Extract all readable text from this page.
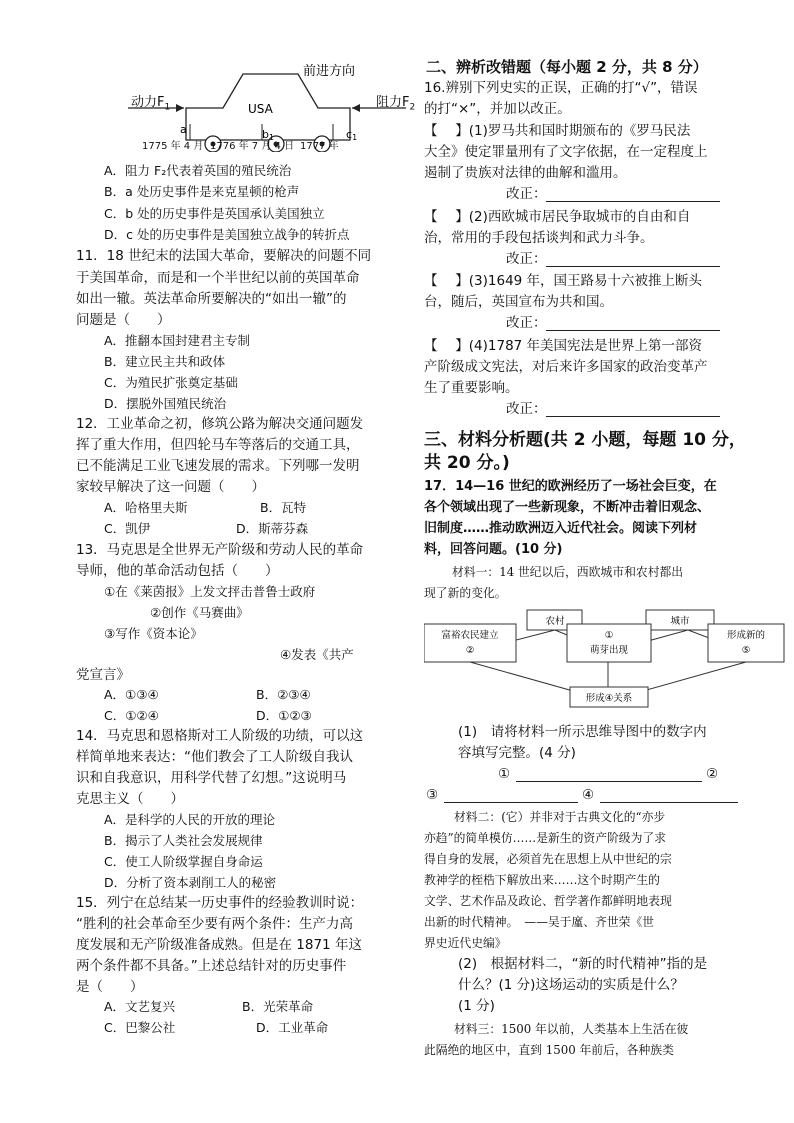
前进方向
USA
a	b1	c1
动力$F_1$	阻力$F_2$
1775 年 4 月 1776 年 7 月 4 日 1777 年
A．阻力 F₂代表着英国的殖民统治
B．a 处历史事件是来克星顿的枪声
C．b 处的历史事件是英国承认美国独立
D．c 处的历史事件是美国独立战争的转折点
11．18 世纪末的法国大革命，要解决的问题不同
于美国革命，而是和一个半世纪以前的英国革命
如出一辙。英法革命所要解决的“如出一辙”的
问题是（　　）
A．推翻本国封建君主专制
B．建立民主共和政体
C．为殖民扩张奠定基础
D．摆脱外国殖民统治
12．工业革命之初，修筑公路为解决交通问题发
挥了重大作用，但四轮马车等落后的交通工具，
已不能满足工业飞速发展的需求。下列哪一发明
家较早解决了这一问题（　　）
A．哈格里夫斯	B．瓦特
C．凯伊	D．斯蒂芬森
13．马克思是全世界无产阶级和劳动人民的革命
导师，他的革命活动包括（　　）
①在《莱茵报》上发文抨击普鲁士政府
②创作《马赛曲》
③写作《资本论》
④发表《共产
党宣言》
A．①③④	B．②③④
C．①②④	D．①②③
14．马克思和恩格斯对工人阶级的功绩，可以这
样简单地来表达：“他们教会了工人阶级自我认
识和自我意识，用科学代替了幻想。”这说明马
克思主义（　　）
A．是科学的人民的开放的理论
B．揭示了人类社会发展规律
C．使工人阶级掌握自身命运
D．分析了资本剥削工人的秘密
15．列宁在总结某一历史事件的经验教训时说：
“胜利的社会革命至少要有两个条件：生产力高
度发展和无产阶级准备成熟。但是在 1871 年这
两个条件都不具备。”上述总结针对的历史事件
是（　　）
A．文艺复兴	B．光荣革命
C．巴黎公社	D．工业革命
二、辨析改错题（每小题 2 分，共 8 分）
16.辨别下列史实的正误，正确的打“√”，错误
的打“×”，并加以改正。
【　 】(1)罗马共和国时期颁布的《罗马民法
大全》使定罪量刑有了文字依据，在一定程度上
遏制了贵族对法律的曲解和滥用。
改正：
【　 】(2)西欧城市居民争取城市的自由和自
治，常用的手段包括谈判和武力斗争。
改正：
【　 】(3)1649 年，国王路易十六被推上断头
台，随后，英国宣布为共和国。
改正：
【　 】(4)1787 年美国宪法是世界上第一部资
产阶级成文宪法，对后来许多国家的政治变革产
生了重要影响。
改正：
三、材料分析题(共 2 小题，每题 10 分，
共 20 分。)
17．14—16 世纪的欧洲经历了一场社会巨变，在
各个领域出现了一些新现象，不断冲击着旧观念、
旧制度……推动欧洲迈入近代社会。阅读下列材
料，回答问题。(10 分)
材料一：14 世纪以后，西欧城市和农村都出
现了新的变化。
农村	城市
富裕农民建立
②
①
萌芽出现
形成新的
⑤
形成④关系
(1)　请将材料一所示思维导图中的数字内
容填写完整。(4 分)
①	②
③	④
材料二：(它）并非对于古典文化的“亦步
亦趋”的简单模仿……是新生的资产阶级为了求
得自身的发展，必须首先在思想上从中世纪的宗
教神学的桎梏下解放出来……这个时期产生的
文学、艺术作品及政论、哲学著作都鲜明地表现
出新的时代精神。　——吴于廑、齐世荣《世
界史近代史编》
(2)　根据材料二，“新的时代精神”指的是
什么？(1 分)这场运动的实质是什么？
(1 分)
材料三：1500 年以前，人类基本上生活在彼
此隔绝的地区中，直到 1500 年前后，各种族类
